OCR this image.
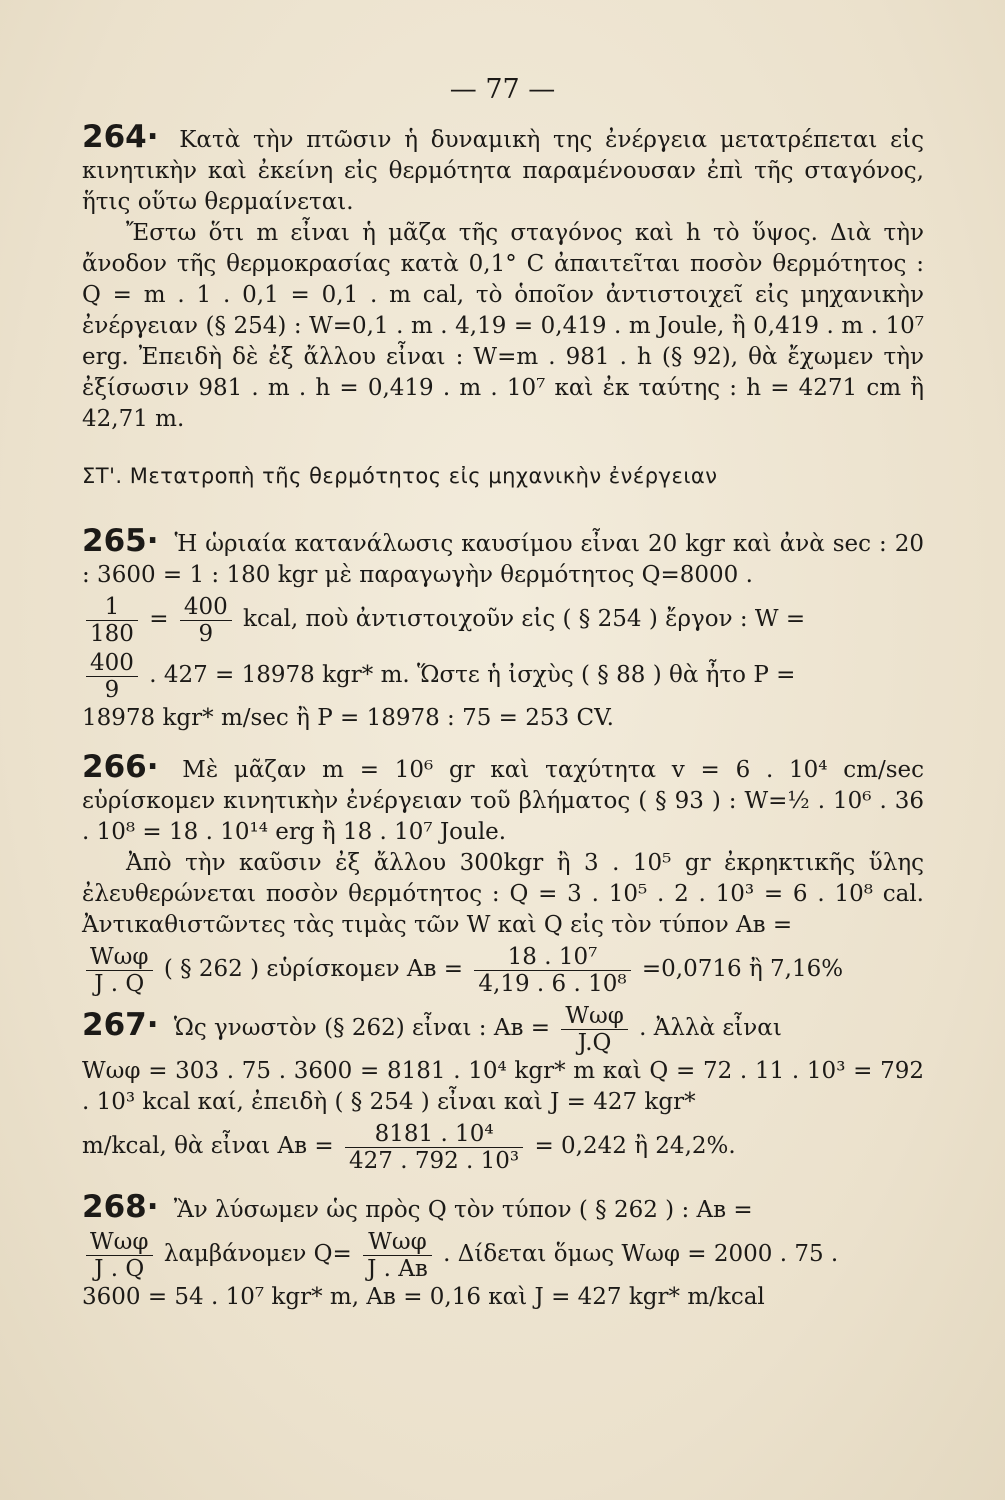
— 77 —

264· Κατὰ τὴν πτῶσιν ἡ δυναμικὴ της ἐνέργεια μετατρέπεται εἰς κινητικὴν καὶ ἐκείνη εἰς θερμότητα παραμένουσαν ἐπὶ τῆς σταγόνος, ἥτις οὕτω θερμαίνεται.

Ἔστω ὅτι m εἶναι ἡ μᾶζα τῆς σταγόνος καὶ h τὸ ὕψος. Διὰ τὴν ἄνοδον τῆς θερμοκρασίας κατὰ 0,1° C ἀπαιτεῖται ποσὸν θερμότητος : Q = m . 1 . 0,1 = 0,1 . m cal, τὸ ὁποῖον ἀντιστοιχεῖ εἰς μηχανικὴν ἐνέργειαν (§ 254) : W=0,1 . m . 4,19 = 0,419 . m Joule, ἢ 0,419 . m . 10⁷ erg. Ἐπειδὴ δὲ ἐξ ἄλλου εἶναι : W=m . 981 . h (§ 92), θὰ ἔχωμεν τὴν ἐξίσωσιν 981 . m . h = 0,419 . m . 10⁷ καὶ ἐκ ταύτης : h = 4271 cm ἢ 42,71 m.

ΣΤ'. Μετατροπὴ τῆς θερμότητος εἰς μηχανικὴν ἐνέργειαν

265· Ἡ ὡριαία κατανάλωσις καυσίμου εἶναι 20 kgr καὶ ἀνὰ sec : 20 : 3600 = 1 : 180 kgr μὲ παραγωγὴν θερμότητος Q=8000 .

$\frac{1}{180} = \frac{400}{9}$ kcal, ποὺ ἀντιστοιχοῦν εἰς ( § 254 ) ἔργον : W =

$\frac{400}{9}$ . 427 = 18978 kgr* m. Ὥστε ἡ ἰσχὺς ( § 88 ) θὰ ἦτο P =

18978 kgr* m/sec ἢ P = 18978 : 75 = 253 CV.

266· Μὲ μᾶζαν m = 10⁶ gr καὶ ταχύτητα v = 6 . 10⁴ cm/sec εὑρίσκομεν κινητικὴν ἐνέργειαν τοῦ βλήματος ( § 93 ) : W=½ . 10⁶ . 36 . 10⁸ = 18 . 10¹⁴ erg ἢ 18 . 10⁷ Joule.

Ἀπὸ τὴν καῦσιν ἐξ ἄλλου 300kgr ἢ 3 . 10⁵ gr ἐκρηκτικῆς ὕλης ἐλευθερώνεται ποσὸν θερμότητος : Q = 3 . 10⁵ . 2 . 10³ = 6 . 10⁸ cal. Ἀντικαθιστῶντες τὰς τιμὰς τῶν W καὶ Q εἰς τὸν τύπον Aʙ =

$\frac{\text{Wωφ}}{J . Q}$ ( § 262 ) εὑρίσκομεν Aʙ = $\frac{\text{18 . 10⁷}}{\text{4,19 . 6 . 10⁸}} =0,0716$ ἢ 7,16%

267· Ὡς γνωστὸν (§ 262) εἶναι : Aʙ = $\frac{\text{Wωφ}}{J.Q}$ . Ἀλλὰ εἶναι

Wωφ = 303 . 75 . 3600 = 8181 . 10⁴ kgr* m καὶ Q = 72 . 11 . 10³ = 792 . 10³ kcal καί, ἐπειδὴ ( § 254 ) εἶναι καὶ J = 427 kgr*

m/kcal, θὰ εἶναι Aʙ = $\frac{\text{8181 . 10⁴}}{\text{427 . 792 . 10³}} = 0,242$ ἢ 24,2%.

268· Ἂν λύσωμεν ὡς πρὸς Q τὸν τύπον ( § 262 ) : Aʙ =

$\frac{\text{Wωφ}}{J . Q}$ λαμβάνομεν $Q= \frac{\text{Wωφ}}{\text{J . Aʙ}}$ . Δίδεται ὅμως Wωφ = 2000 . 75 .

3600 = 54 . 10⁷ kgr* m, Aʙ = 0,16 καὶ J = 427 kgr* m/kcal
